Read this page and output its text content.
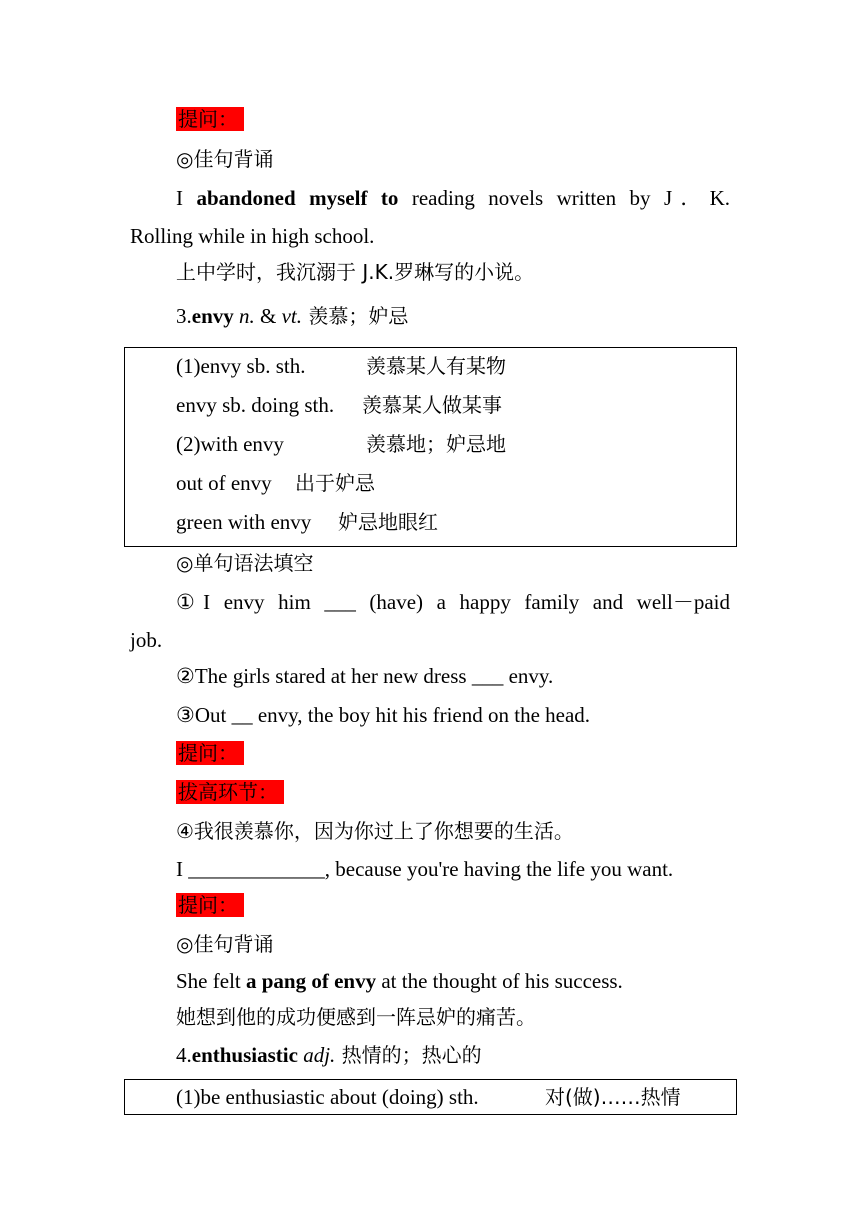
提问：
◎佳句背诵
I abandoned myself to reading novels written by J．K.
Rolling while in high school.
上中学时，我沉溺于 J.K.罗琳写的小说。
3.envy n. & vt. 羡慕；妒忌
(1)envy sb. sth.	羡慕某人有某物
envy sb. doing sth. 羡慕某人做某事
(2)with envy	羡慕地；妒忌地
out of envy 出于妒忌
green with envy 妒忌地眼红
◎单句语法填空
①I envy him ___ (have) a happy family and well－paid
job.
②The girls stared at her new dress ___ envy.
③Out __ envy, the boy hit his friend on the head.
提问：
拔高环节：
④我很羡慕你，因为你过上了你想要的生活。
I _____________, because you're having the life you want.
提问：
◎佳句背诵
She felt a pang of envy at the thought of his success.
她想到他的成功便感到一阵忌妒的痛苦。
4.enthusiastic adj. 热情的；热心的
(1)be enthusiastic about (doing) sth.	对(做)……热情
